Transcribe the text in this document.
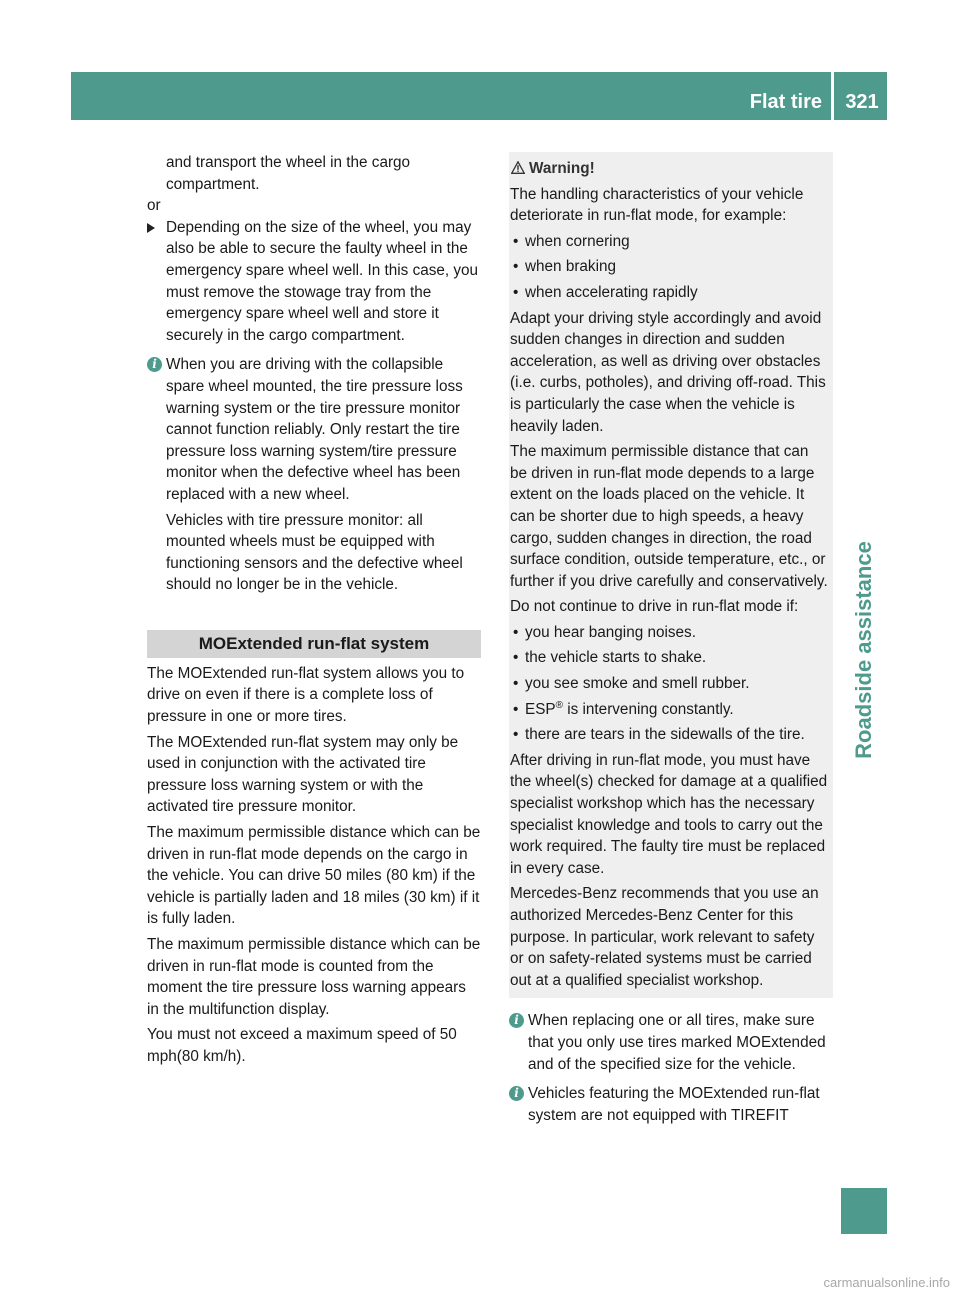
Flat tire	321
Roadside assistance

and transport the wheel in the cargo compartment.

or

Depending on the size of the wheel, you may also be able to secure the faulty wheel in the emergency spare wheel well. In this case, you must remove the stowage tray from the emergency spare wheel well and store it securely in the cargo compartment.
i When you are driving with the collapsible spare wheel mounted, the tire pressure loss warning system or the tire pressure monitor cannot function reliably. Only restart the tire pressure loss warning system/tire pressure monitor when the defective wheel has been replaced with a new wheel.

Vehicles with tire pressure monitor: all mounted wheels must be equipped with functioning sensors and the defective wheel should no longer be in the vehicle.

MOExtended run-flat system

The MOExtended run-flat system allows you to drive on even if there is a complete loss of pressure in one or more tires.

The MOExtended run-flat system may only be used in conjunction with the activated tire pressure loss warning system or with the activated tire pressure monitor.

The maximum permissible distance which can be driven in run-flat mode depends on the cargo in the vehicle. You can drive 50 miles (80 km) if the vehicle is partially laden and 18 miles (30 km) if it is fully laden.

The maximum permissible distance which can be driven in run-flat mode is counted from the moment the tire pressure loss warning appears in the multifunction display.

You must not exceed a maximum speed of 50 mph(80 km/h).

Warning!

The handling characteristics of your vehicle deteriorate in run-flat mode, for example:

• when cornering
• when braking
• when accelerating rapidly

Adapt your driving style accordingly and avoid sudden changes in direction and sudden acceleration, as well as driving over obstacles (i.e. curbs, potholes), and driving off-road. This is particularly the case when the vehicle is heavily laden.

The maximum permissible distance that can be driven in run-flat mode depends to a large extent on the loads placed on the vehicle. It can be shorter due to high speeds, a heavy cargo, sudden changes in direction, the road surface condition, outside temperature, etc., or further if you drive carefully and conservatively.

Do not continue to drive in run-flat mode if:

• you hear banging noises.
• the vehicle starts to shake.
• you see smoke and smell rubber.
• ESP® is intervening constantly.
• there are tears in the sidewalls of the tire.

After driving in run-flat mode, you must have the wheel(s) checked for damage at a qualified specialist workshop which has the necessary specialist knowledge and tools to carry out the work required. The faulty tire must be replaced in every case.

Mercedes-Benz recommends that you use an authorized Mercedes-Benz Center for this purpose. In particular, work relevant to safety or on safety-related systems must be carried out at a qualified specialist workshop.

i When replacing one or all tires, make sure that you only use tires marked MOExtended and of the specified size for the vehicle.

i Vehicles featuring the MOExtended run-flat system are not equipped with TIREFIT

carmanualsonline.info
